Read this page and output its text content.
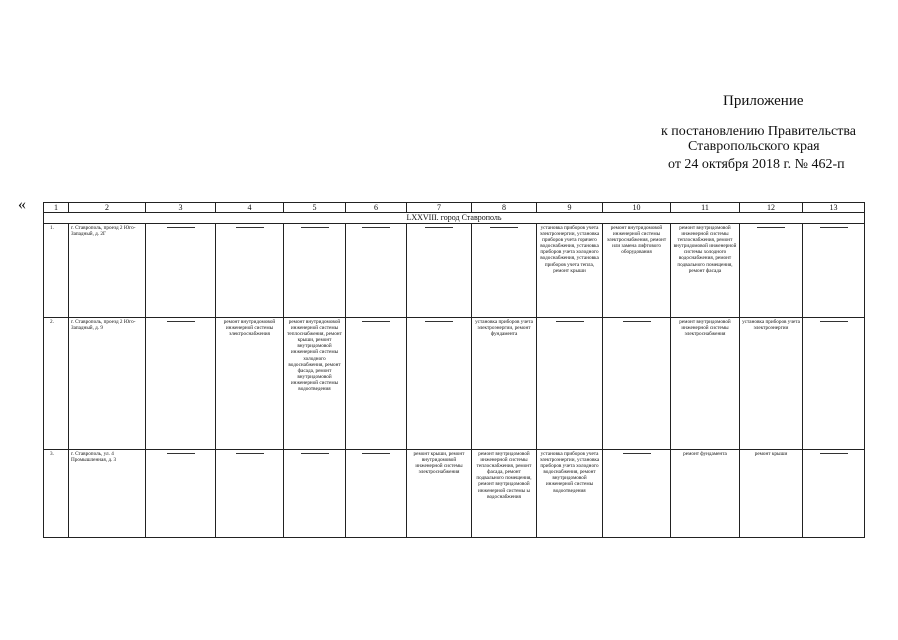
Приложение
к постановлению Правительства
Ставропольского края
от 24 октября 2018 г. № 462-п
«	1	2	3	4	5	6	7	8	9	10	11	12	13
LXXVIII. город Ставрополь												
1.	г. Ставрополь, проезд 2 Юго-Западный, д. 2Г							установка приборов учета электроэнергии, установка приборов учета горячего водоснабжения, установка приборов учета холодного водоснабжения, установка приборов учета тепла, ремонт крыши	ремонт внутридомовой инженерной системы электроснабжения, ремонт или замена лифтового оборудования	ремонт внутридомовой инженерной системы теплоснабжения, ремонт внутридомовой инженерной системы холодного водоснабжения, ремонт подвального помещения, ремонт фасада	

2.	г. Ставрополь, проезд 2 Юго-Западный, д. 9		ремонт внутридомовой инженерной системы электроснабжения	ремонт внутридомовой инженерной системы теплоснабжения, ремонт крыши, ремонт внутридомовой инженерной системы холодного водоснабжения, ремонт фасада, ремонт внутридомовой инженерной системы водоотведения			установка приборов учета электроэнергии, ремонт фундамента			ремонт внутридомовой инженерной системы электроснабжения	установка приборов учета электроэнергии	

3.	г. Ставрополь, ул. 4 Промышленная, д. 3					ремонт крыши, ремонт внутридомовой инженерной системы электроснабжения	ремонт внутридомовой инженерной системы теплоснабжения, ремонт фасада, ремонт подвального помещения, ремонт внутридомовой инженерной системы ы водоснабжения	установка приборов учета электроэнергии, установка приборов учета холодного водоснабжения, ремонт внутридомовой инженерной системы водоотведения		ремонт фундамента	ремонт крыши	
